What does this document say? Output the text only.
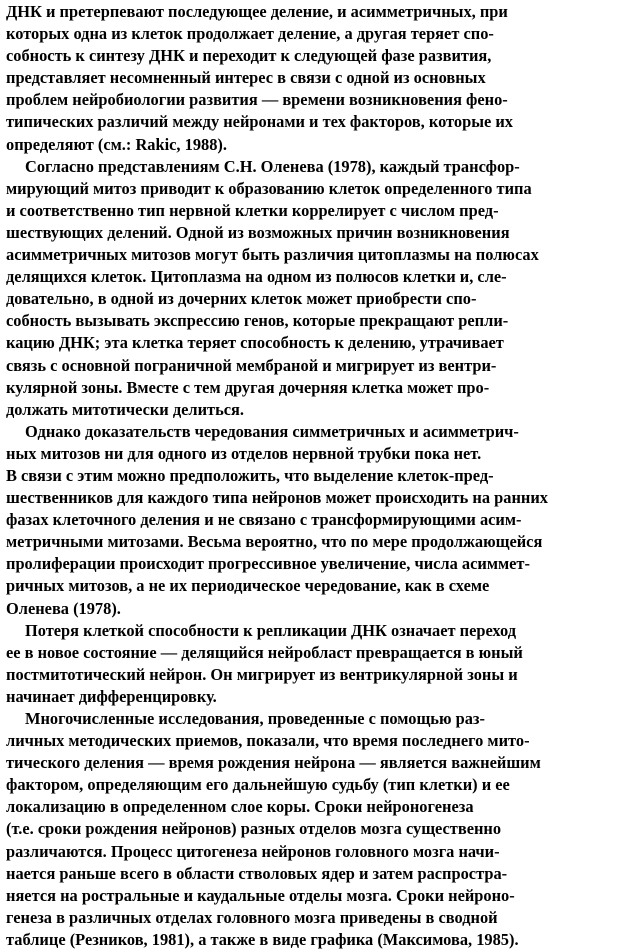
ДНК и претерпевают последующее деление, и асимметричных, при
которых одна из клеток продолжает деление, а другая теряет спо-
собность к синтезу ДНК и переходит к следующей фазе развития,
представляет несомненный интерес в связи с одной из основных
проблем нейробиологии развития — времени возникновения фено-
типических различий между нейронами и тех факторов, которые их
определяют (см.: Rakic, 1988).
Согласно представлениям С.Н. Оленева (1978), каждый трансфор-
мирующий митоз приводит к образованию клеток определенного типа
и соответственно тип нервной клетки коррелирует с числом пред-
шествующих делений. Одной из возможных причин возникновения
асимметричных митозов могут быть различия цитоплазмы на полюсах
делящихся клеток. Цитоплазма на одном из полюсов клетки и, сле-
довательно, в одной из дочерних клеток может приобрести спо-
собность вызывать экспрессию генов, которые прекращают репли-
кацию ДНК; эта клетка теряет способность к делению, утрачивает
связь с основной пограничной мембраной и мигрирует из вентри-
кулярной зоны. Вместе с тем другая дочерняя клетка может про-
должать митотически делиться.
Однако доказательств чередования симметричных и асимметрич-
ных митозов ни для одного из отделов нервной трубки пока нет.
В связи с этим можно предположить, что выделение клеток-пред-
шественников для каждого типа нейронов может происходить на ранних
фазах клеточного деления и не связано с трансформирующими асим-
метричными митозами. Весьма вероятно, что по мере продолжающейся
пролиферации происходит прогрессивное увеличение, числа асиммет-
ричных митозов, а не их периодическое чередование, как в схеме
Оленева (1978).
Потеря клеткой способности к репликации ДНК означает переход
ее в новое состояние — делящийся нейробласт превращается в юный
постмитотический нейрон. Он мигрирует из вентрикулярной зоны и
начинает дифференцировку.
Многочисленные исследования, проведенные с помощью раз-
личных методических приемов, показали, что время последнего мито-
тического деления — время рождения нейрона — является важнейшим
фактором, определяющим его дальнейшую судьбу (тип клетки) и ее
локализацию в определенном слое коры. Сроки нейроногенеза
(т.е. сроки рождения нейронов) разных отделов мозга существенно
различаются. Процесс цитогенеза нейронов головного мозга начи-
нается раньше всего в области стволовых ядер и затем распростра-
няется на ростральные и каудальные отделы мозга. Сроки нейроно-
генеза в различных отделах головного мозга приведены в сводной
таблице (Резников, 1981), а также в виде графика (Максимова, 1985).
